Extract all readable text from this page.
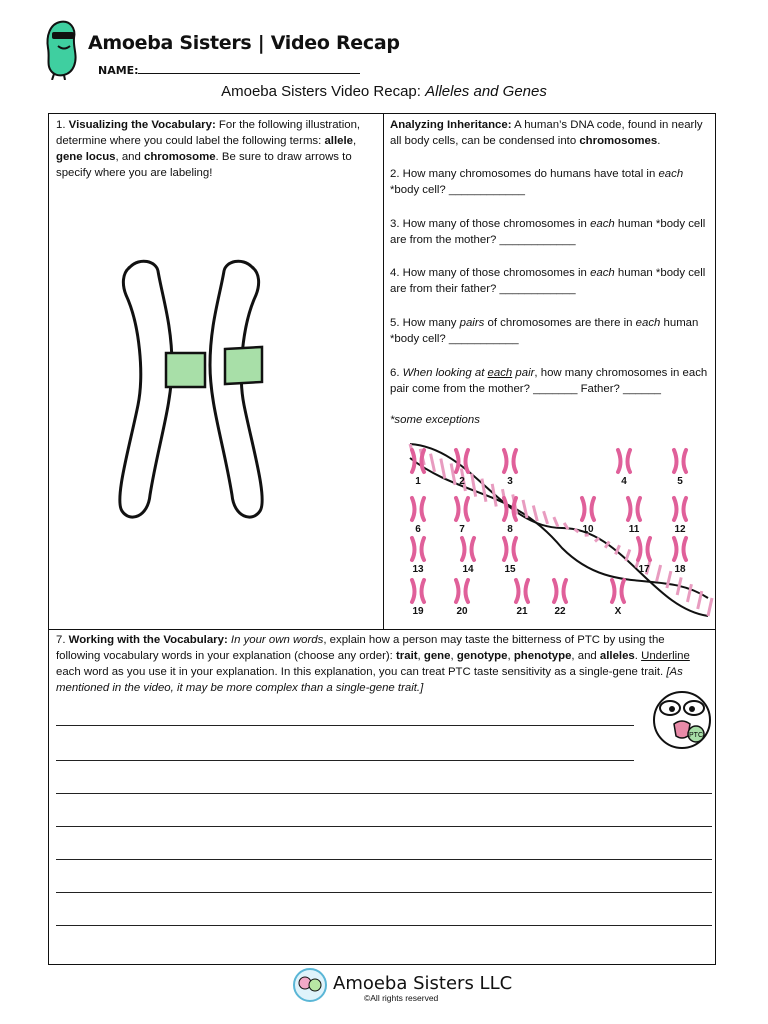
Amoeba Sisters | Video Recap
NAME:
Amoeba Sisters Video Recap: Alleles and Genes
1. Visualizing the Vocabulary: For the following illustration, determine where you could label the following terms: allele, gene locus, and chromosome. Be sure to draw arrows to specify where you are labeling!
Analyzing Inheritance: A human’s DNA code, found in nearly all body cells, can be condensed into chromosomes.
2. How many chromosomes do humans have total in each *body cell? ____________
3. How many of those chromosomes in each human *body cell are from the mother? ____________
4. How many of those chromosomes in each human *body cell are from their father? ____________
5. How many pairs of chromosomes are there in each human *body cell? ___________
6. When looking at each pair, how many chromosomes in each pair come from the mother? _______ Father? ______
*some exceptions
1	2	3	4	5
6	7	8	10	11	12
13	14	15	17 18
19	20	21	22	X
7. Working with the Vocabulary: In your own words, explain how a person may taste the bitterness of PTC by using the following vocabulary words in your explanation (choose any order): trait, gene, genotype, phenotype, and alleles. Underline each word as you use it in your explanation. In this explanation, you can treat PTC taste sensitivity as a single-gene trait. [As mentioned in the video, it may be more complex than a single-gene trait.]
PTC
Amoeba Sisters LLC
©All rights reserved
